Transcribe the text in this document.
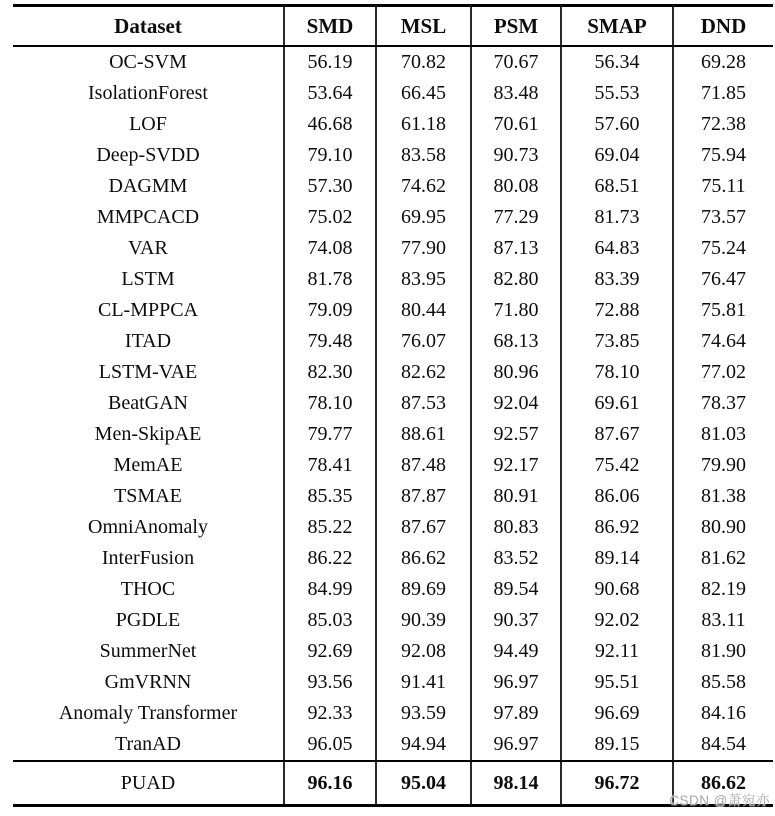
Dataset	SMD	MSL	PSM	SMAP	DND
OC-SVM	56.19	70.82	70.67	56.34	69.28
IsolationForest	53.64	66.45	83.48	55.53	71.85
LOF	46.68	61.18	70.61	57.60	72.38
Deep-SVDD	79.10	83.58	90.73	69.04	75.94
DAGMM	57.30	74.62	80.08	68.51	75.11
MMPCACD	75.02	69.95	77.29	81.73	73.57
VAR	74.08	77.90	87.13	64.83	75.24
LSTM	81.78	83.95	82.80	83.39	76.47
CL-MPPCA	79.09	80.44	71.80	72.88	75.81
ITAD	79.48	76.07	68.13	73.85	74.64
LSTM-VAE	82.30	82.62	80.96	78.10	77.02
BeatGAN	78.10	87.53	92.04	69.61	78.37
Men-SkipAE	79.77	88.61	92.57	87.67	81.03
MemAE	78.41	87.48	92.17	75.42	79.90
TSMAE	85.35	87.87	80.91	86.06	81.38
OmniAnomaly	85.22	87.67	80.83	86.92	80.90
InterFusion	86.22	86.62	83.52	89.14	81.62
THOC	84.99	89.69	89.54	90.68	82.19
PGDLE	85.03	90.39	90.37	92.02	83.11
SummerNet	92.69	92.08	94.49	92.11	81.90
GmVRNN	93.56	91.41	96.97	95.51	85.58
Anomaly Transformer	92.33	93.59	97.89	96.69	84.16
TranAD	96.05	94.94	96.97	89.15	84.54
PUAD	96.16	95.04	98.14	96.72	86.62
CSDN @萧宛亦
